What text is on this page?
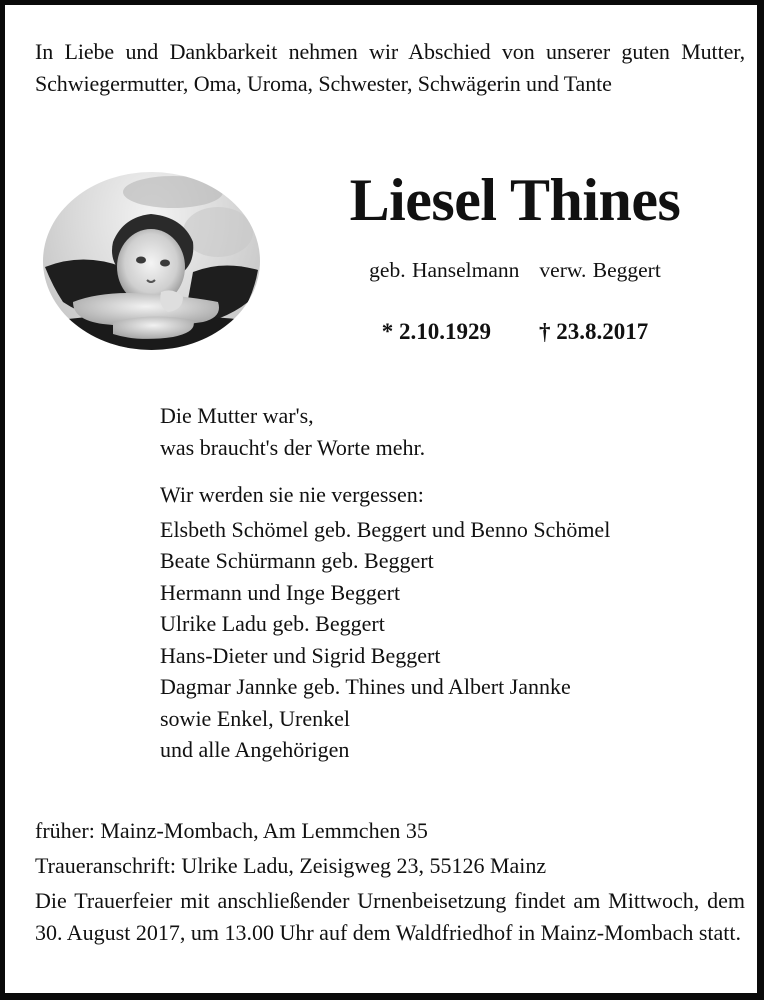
In Liebe und Dankbarkeit nehmen wir Abschied von unserer guten Mutter, Schwiegermutter, Oma, Uroma, Schwester, Schwägerin und Tante
Liesel Thines
geb. Hanselmann verw. Beggert
* 2.10.1929 † 23.8.2017
Die Mutter war's,
was braucht's der Worte mehr.
Wir werden sie nie vergessen:
Elsbeth Schömel geb. Beggert und Benno Schömel
Beate Schürmann geb. Beggert
Hermann und Inge Beggert
Ulrike Ladu geb. Beggert
Hans-Dieter und Sigrid Beggert
Dagmar Jannke geb. Thines und Albert Jannke
sowie Enkel, Urenkel
und alle Angehörigen
früher: Mainz-Mombach, Am Lemmchen 35
Traueranschrift: Ulrike Ladu, Zeisigweg 23, 55126 Mainz
Die Trauerfeier mit anschließender Urnenbeisetzung findet am Mittwoch, dem 30. August 2017, um 13.00 Uhr auf dem Waldfriedhof in Mainz-Mombach statt.
